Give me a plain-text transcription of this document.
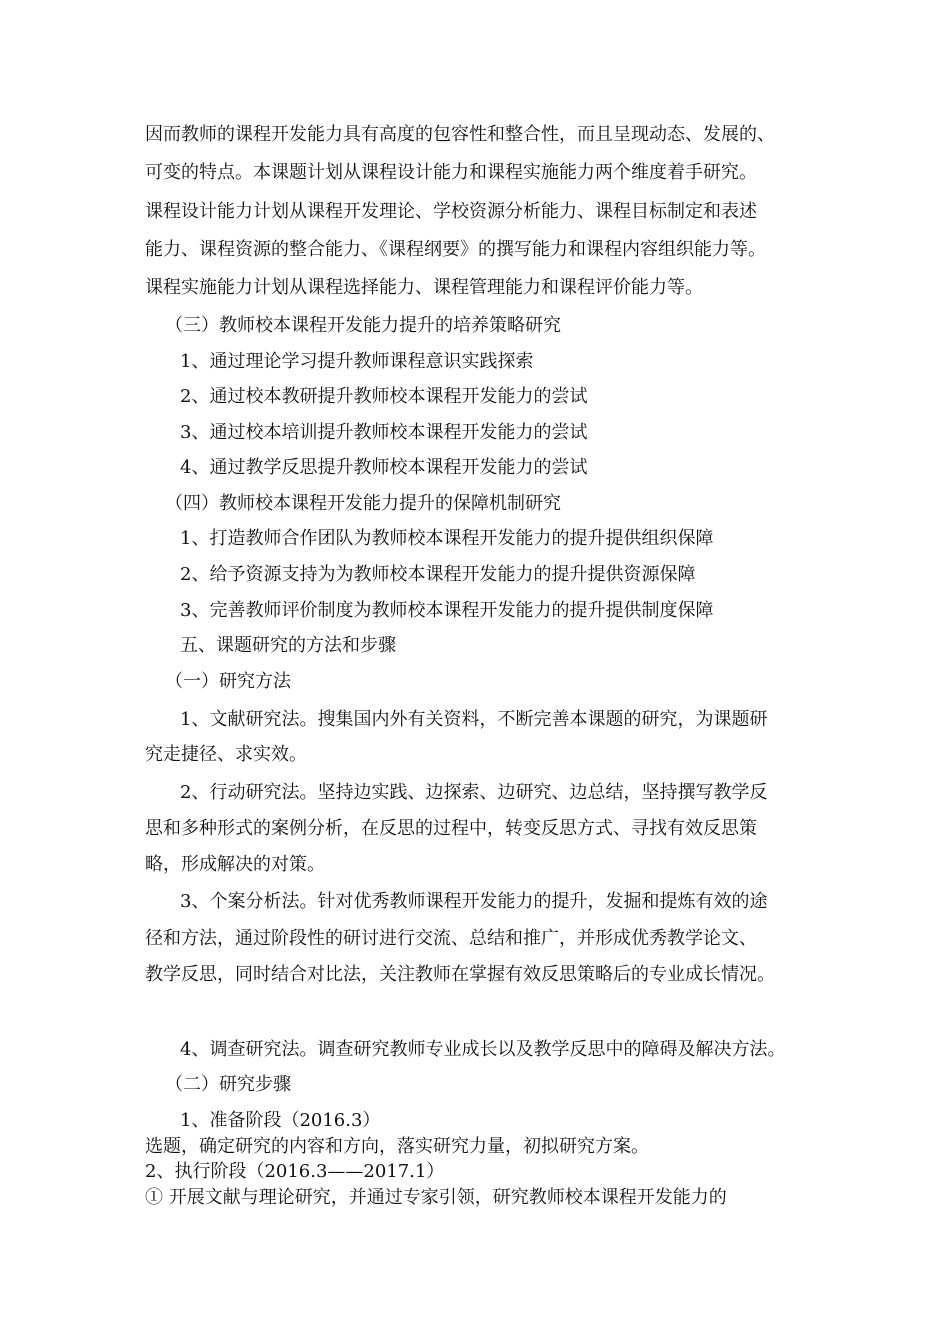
因而教师的课程开发能力具有高度的包容性和整合性，而且呈现动态、发展的、
可变的特点。本课题计划从课程设计能力和课程实施能力两个维度着手研究。
课程设计能力计划从课程开发理论、学校资源分析能力、课程目标制定和表述
能力、课程资源的整合能力、《课程纲要》的撰写能力和课程内容组织能力等。
课程实施能力计划从课程选择能力、课程管理能力和课程评价能力等。
（三）教师校本课程开发能力提升的培养策略研究
1、通过理论学习提升教师课程意识实践探索
2、通过校本教研提升教师校本课程开发能力的尝试
3、通过校本培训提升教师校本课程开发能力的尝试
4、通过教学反思提升教师校本课程开发能力的尝试
（四）教师校本课程开发能力提升的保障机制研究
1、打造教师合作团队为教师校本课程开发能力的提升提供组织保障
2、给予资源支持为为教师校本课程开发能力的提升提供资源保障
3、完善教师评价制度为教师校本课程开发能力的提升提供制度保障
五、课题研究的方法和步骤
（一）研究方法
1、文献研究法。搜集国内外有关资料，不断完善本课题的研究，为课题研
究走捷径、求实效。
2、行动研究法。坚持边实践、边探索、边研究、边总结，坚持撰写教学反
思和多种形式的案例分析，在反思的过程中，转变反思方式、寻找有效反思策
略，形成解决的对策。
3、个案分析法。针对优秀教师课程开发能力的提升，发掘和提炼有效的途
径和方法，通过阶段性的研讨进行交流、总结和推广，并形成优秀教学论文、
教学反思，同时结合对比法，关注教师在掌握有效反思策略后的专业成长情况。
4、调查研究法。调查研究教师专业成长以及教学反思中的障碍及解决方法。
（二）研究步骤
1、准备阶段（2016.3）
选题，确定研究的内容和方向，落实研究力量，初拟研究方案。
2、执行阶段（2016.3——2017.1）
① 开展文献与理论研究，并通过专家引领，研究教师校本课程开发能力的
